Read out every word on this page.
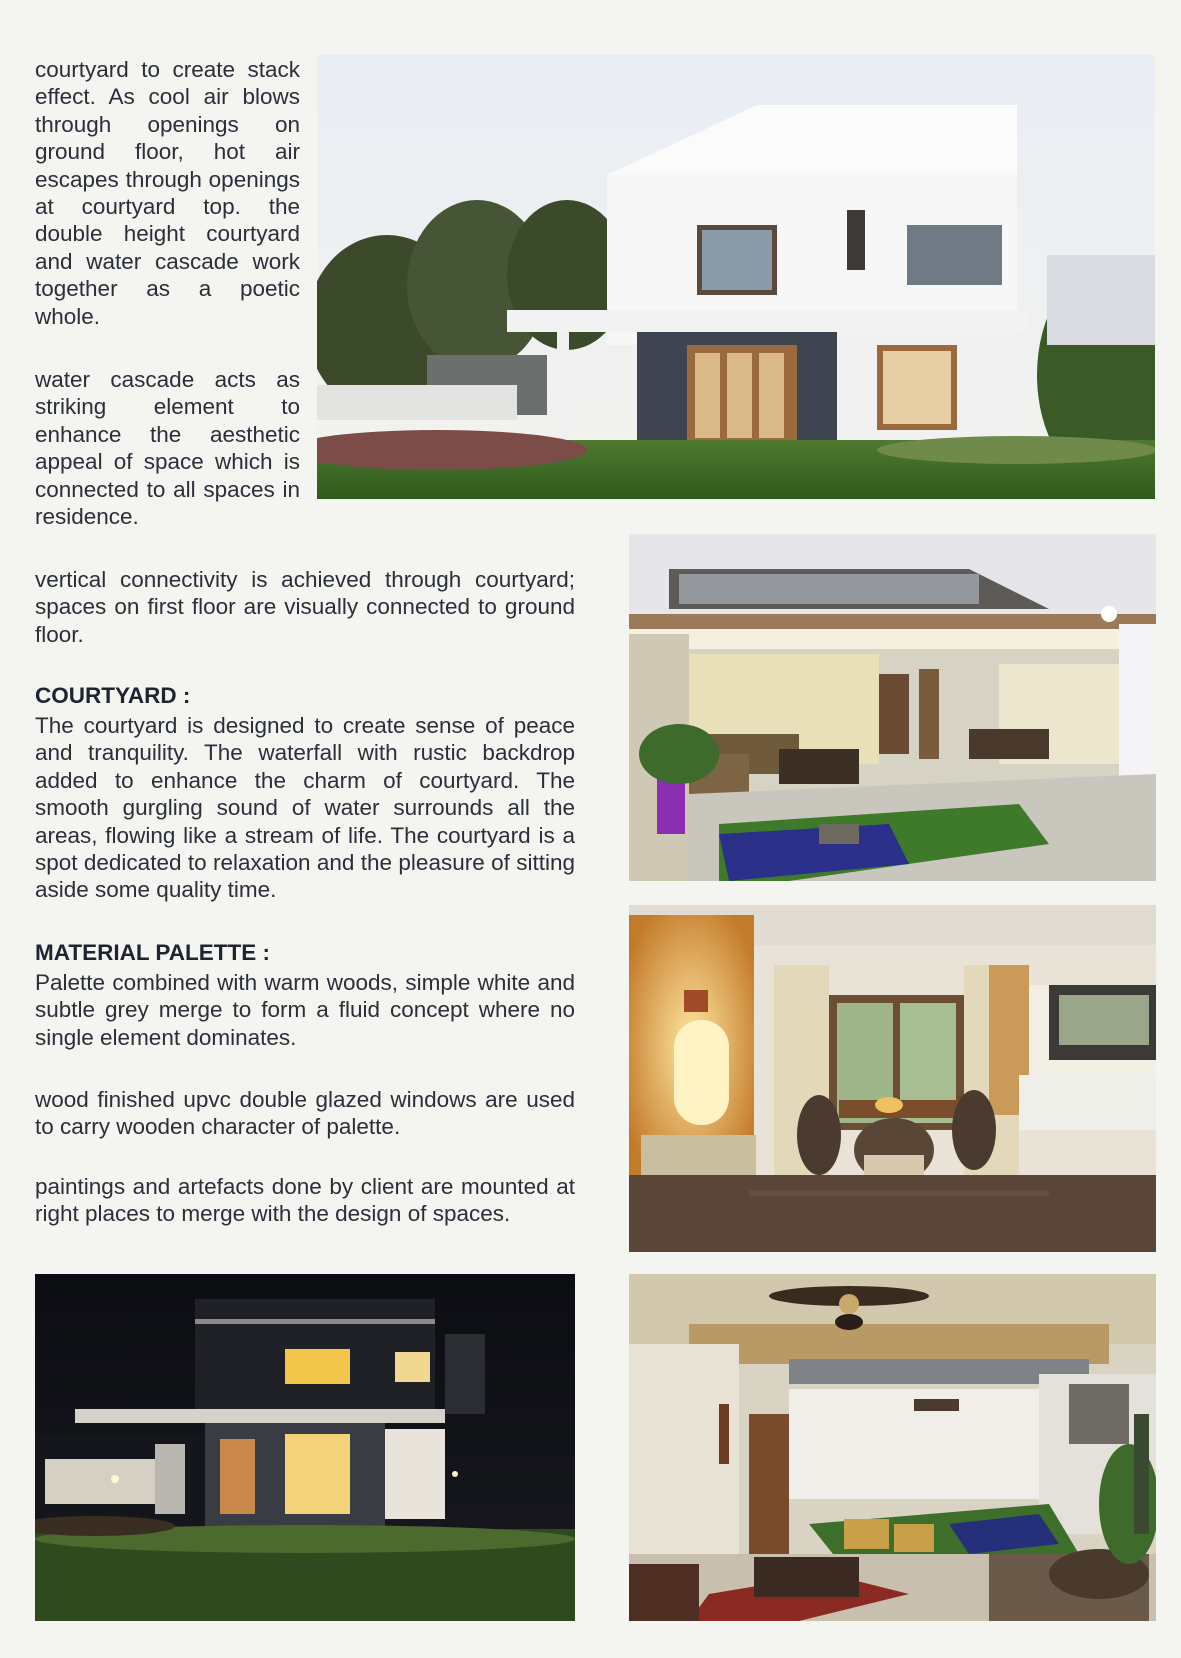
courtyard to create stack effect. As cool air blows through openings on ground floor, hot air escapes through openings at courtyard top. the double height courtyard and water cascade work together as a poetic whole.

water cascade acts as striking element to enhance the aesthetic appeal of space which is connected to all spaces in residence.

vertical connectivity is achieved through courtyard; spaces on first floor are visually connected to ground floor.

COURTYARD :

The courtyard is designed to create sense of peace and tranquility. The waterfall with rustic backdrop added to enhance the charm of courtyard. The smooth gurgling sound of water surrounds all the areas, flowing like a stream of life. The courtyard is a spot dedicated to relaxation and the pleasure of sitting aside some quality time.

MATERIAL PALETTE :

Palette combined with warm woods, simple white and subtle grey merge to form a fluid concept where no single element dominates.

wood finished upvc double glazed windows are used to carry wooden character of palette.

paintings and artefacts done by client are mounted at right places to merge with the design of spaces.
